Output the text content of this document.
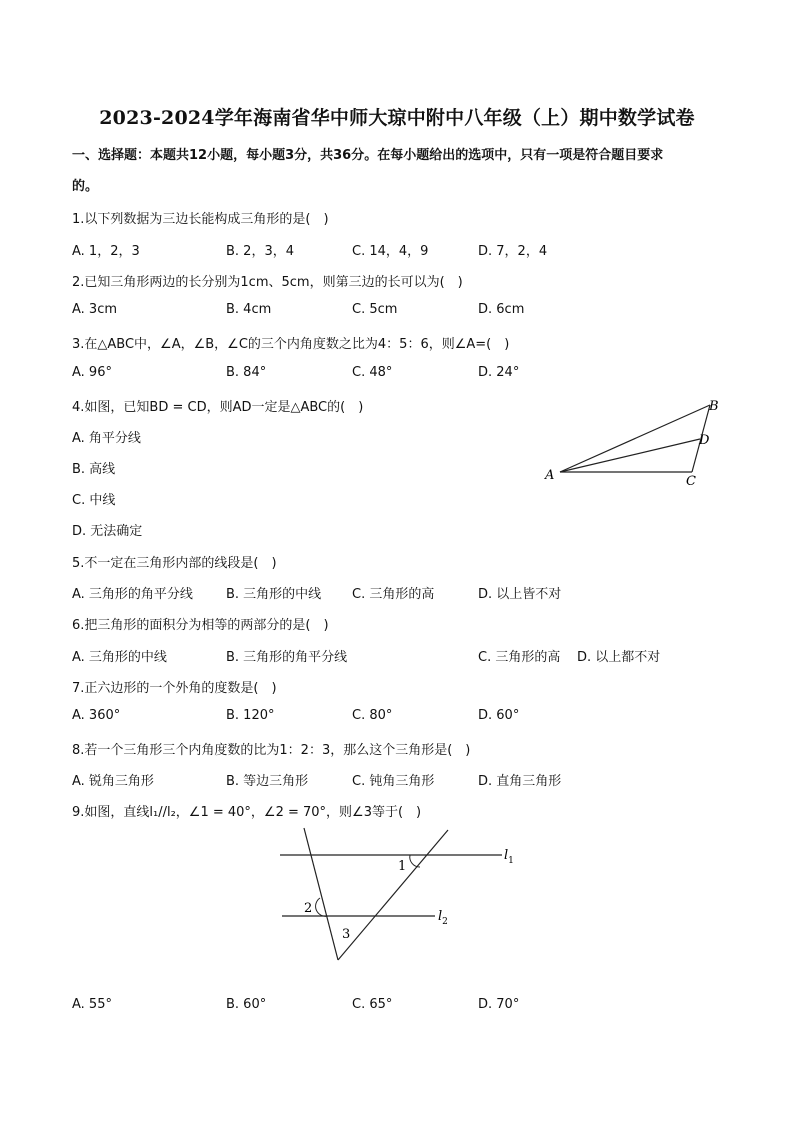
2023-2024学年海南省华中师大琼中附中八年级（上）期中数学试卷
一、选择题：本题共12小题，每小题3分，共36分。在每小题给出的选项中，只有一项是符合题目要求
的。
1.以下列数据为三边长能构成三角形的是(　)
A. 1，2，3	B. 2，3，4	C. 14，4，9	D. 7，2，4
2.已知三角形两边的长分别为1cm、5cm，则第三边的长可以为(　)
A. 3cm	B. 4cm	C. 5cm	D. 6cm
3.在△ABC中，∠A，∠B，∠C的三个内角度数之比为4：5：6，则∠A=(　)
A. 96°	B. 84°	C. 48°	D. 24°
4.如图，已知BD = CD，则AD一定是△ABC的(　)
A. 角平分线
B. 高线
C. 中线
D. 无法确定
A
B
C
D
5.不一定在三角形内部的线段是(　)
A. 三角形的角平分线	B. 三角形的中线 C. 三角形的高	D. 以上皆不对
6.把三角形的面积分为相等的两部分的是(　)
A. 三角形的中线	B. 三角形的角平分线	C. 三角形的高 D. 以上都不对
7.正六边形的一个外角的度数是(　)
A. 360°	B. 120°	C. 80°	D. 60°
8.若一个三角形三个内角度数的比为1：2：3，那么这个三角形是(　)
A. 锐角三角形	B. 等边三角形	C. 钝角三角形	D. 直角三角形
9.如图，直线l₁//l₂，∠1 = 40°，∠2 = 70°，则∠3等于(　)
1
2
3
$l_1$
$l_2$
A. 55°	B. 60°	C. 65°	D. 70°
